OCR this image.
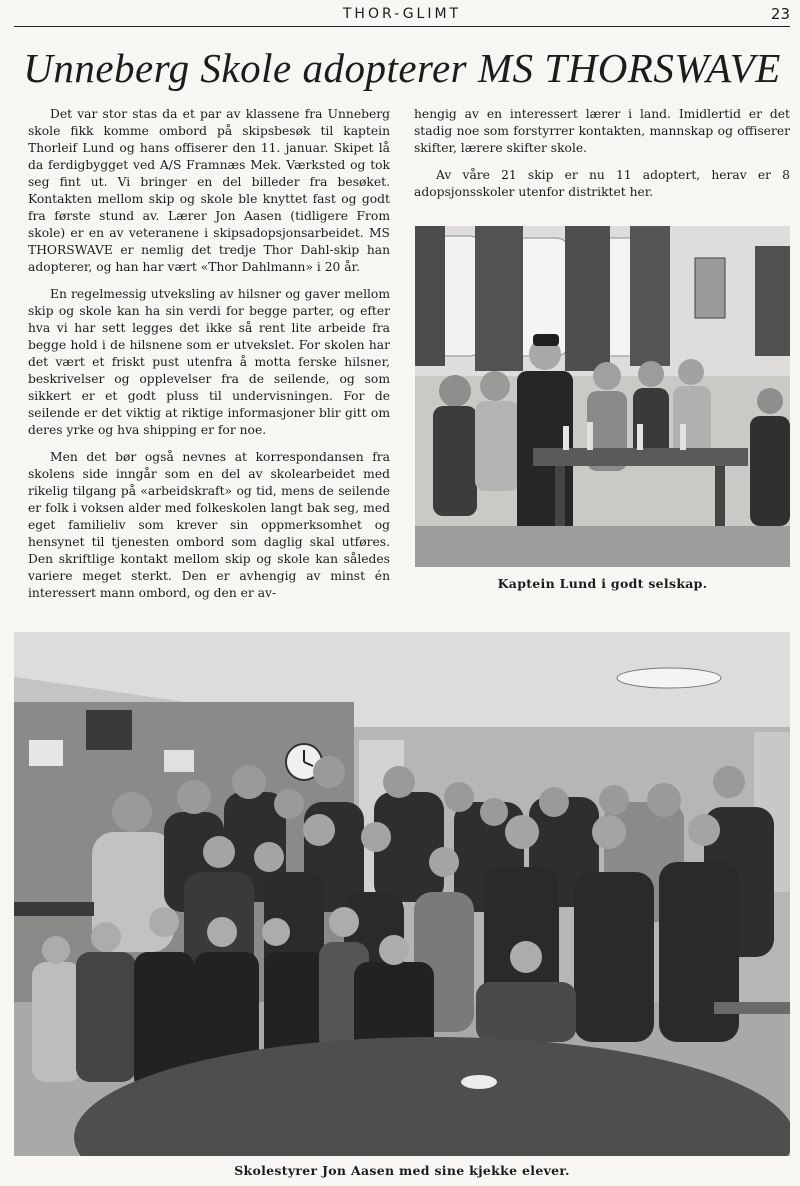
THOR-GLIMT	23
Unneberg Skole adopterer MS THORSWAVE

Det var stor stas da et par av klassene fra Unneberg skole fikk komme ombord på skipsbesøk til kaptein Thorleif Lund og hans offiserer den 11. januar. Skipet lå da ferdigbygget ved A/S Framnæs Mek. Værksted og tok seg fint ut. Vi bringer en del billeder fra besøket. Kontakten mellom skip og skole ble knyttet fast og godt fra første stund av. Lærer Jon Aasen (tidligere From skole) er en av veteranene i skipsadopsjonsarbeidet. MS THORSWAVE er nemlig det tredje Thor Dahl-skip han adopterer, og han har vært «Thor Dahlmann» i 20 år.

En regelmessig utveksling av hilsner og gaver mellom skip og skole kan ha sin verdi for begge parter, og efter hva vi har sett legges det ikke så rent lite arbeide fra begge hold i de hilsnene som er utvekslet. For skolen har det vært et friskt pust utenfra å motta ferske hilsner, beskrivelser og opplevelser fra de seilende, og som sikkert er et godt pluss til undervisningen. For de seilende er det viktig at riktige informasjoner blir gitt om deres yrke og hva shipping er for noe.

Men det bør også nevnes at korrespondansen fra skolens side inngår som en del av skolearbeidet med rikelig tilgang på «arbeidskraft» og tid, mens de seilende er folk i voksen alder med folkeskolen langt bak seg, med eget familieliv som krever sin oppmerksomhet og hensynet til tjenesten ombord som daglig skal utføres. Den skriftlige kontakt mellom skip og skole kan således variere meget sterkt. Den er avhengig av minst én interessert mann ombord, og den er av-

hengig av en interessert lærer i land. Imidlertid er det stadig noe som forstyrrer kontakten, mannskap og offiserer skifter, lærere skifter skole.

Av våre 21 skip er nu 11 adoptert, herav er 8 adopsjonsskoler utenfor distriktet her.

Kaptein Lund i godt selskap.
Skolestyrer Jon Aasen med sine kjekke elever.
